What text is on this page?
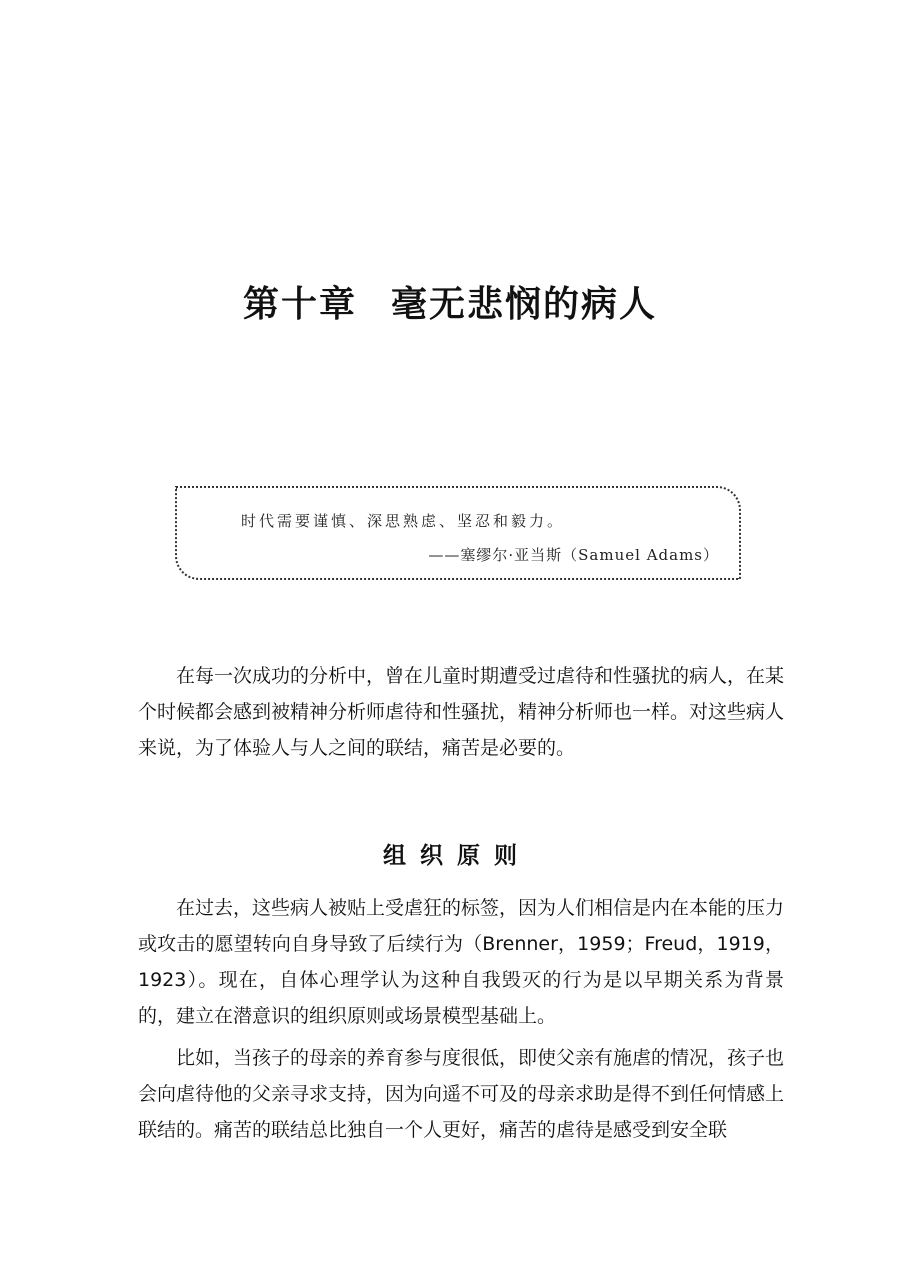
第十章 毫无悲悯的病人
时代需要谨慎、深思熟虑、坚忍和毅力。
——塞缪尔·亚当斯（Samuel Adams）

在每一次成功的分析中，曾在儿童时期遭受过虐待和性骚扰的病人，在某个时候都会感到被精神分析师虐待和性骚扰，精神分析师也一样。对这些病人来说，为了体验人与人之间的联结，痛苦是必要的。

组织原则

在过去，这些病人被贴上受虐狂的标签，因为人们相信是内在本能的压力或攻击的愿望转向自身导致了后续行为（Brenner，1959；Freud，1919，1923）。现在，自体心理学认为这种自我毁灭的行为是以早期关系为背景的，建立在潜意识的组织原则或场景模型基础上。

比如，当孩子的母亲的养育参与度很低，即使父亲有施虐的情况，孩子也会向虐待他的父亲寻求支持，因为向遥不可及的母亲求助是得不到任何情感上联结的。痛苦的联结总比独自一个人更好，痛苦的虐待是感受到安全联
